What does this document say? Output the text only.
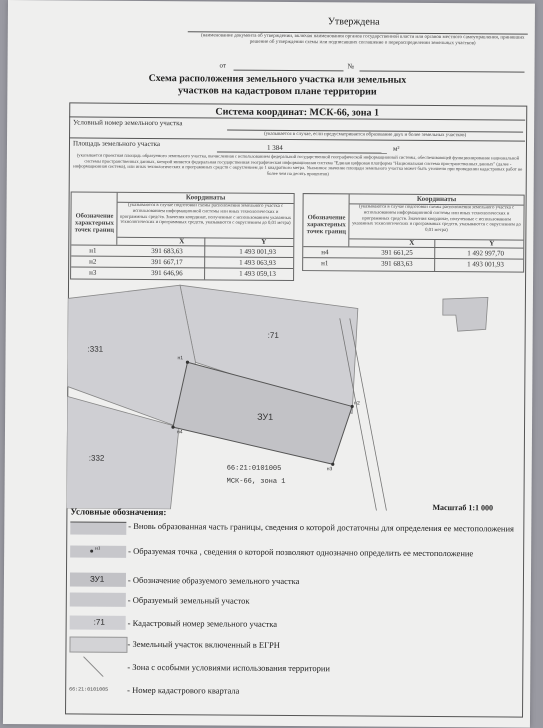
Утверждена
(наименование документа об утверждении, включая наименования органов государственной власти или органов местного самоуправления, принявших решение об утверждении схемы или подписавших соглашение о перераспределении земельных участков)
от	№
Схема расположения земельного участка или земельных
участков на кадастровом плане территории
Система координат: МСК-66, зона 1
Условный номер земельного участка
(указывается в случае, если предусматривается образование двух и более земельных участков)
Площадь земельного участка	1 384	м²
(указывается проектная площадь образуемого земельного участка, вычисленная с использованием федеральной государственной географической информационной системы, обеспечивающей функционирование национальной системы пространственных данных, которой является федеральная государственная географическая информационная система "Единая цифровая платформа "Национальная система пространственных данных" (далее - информационная система), или иных технологических и программных средств с округлением до 1 квадратного метра. Указанное значение площади земельного участка может быть уточнено при проведении кадастровых работ не более чем на десять процентов)
Обозначение характерных точек границ
Координаты
(указываются в случае подготовки схемы расположения земельного участка с использованием информационной системы или иных технологических и программных средств. Значения координат, полученные с использованием указанных технологических и программных средств, указываются с округлением до 0,01 метра)
X	Y
н1	391 683,63	1 493 001,93
н2	391 667,17	1 493 063,93
н3	391 646,96	1 493 059,13
Обозначение характерных точек границ
Координаты
(указываются в случае подготовки схемы расположения земельного участка с использованием информационной системы или иных технологических и программных средств. Значения координат, полученные с использованием указанных технологических и программных средств, указываются с округлением до 0,01 метра)
X	Y
н4	391 661,25	1 492 997,70
н1	391 683,63	1 493 001,93
:71
:331
:332
ЗУ1
н1
н2
н3
н4
66:21:0101005
МСК-66, зона 1
Масштаб 1:1 000
Условные обозначения:
- Вновь образованная часть границы, сведения о которой достаточны для определения ее местоположения
н1	- Образуемая точка , сведения о которой позволяют однозначно определить ее местоположение
ЗУ1	- Обозначение образуемого земельного участка
- Образуемый земельный участок
:71	- Кадастровый номер земельного участка
- Земельный участок включенный в ЕГРН
- Зона с особыми условиями использования территории
66:21:0101005 - Номер кадастрового квартала
